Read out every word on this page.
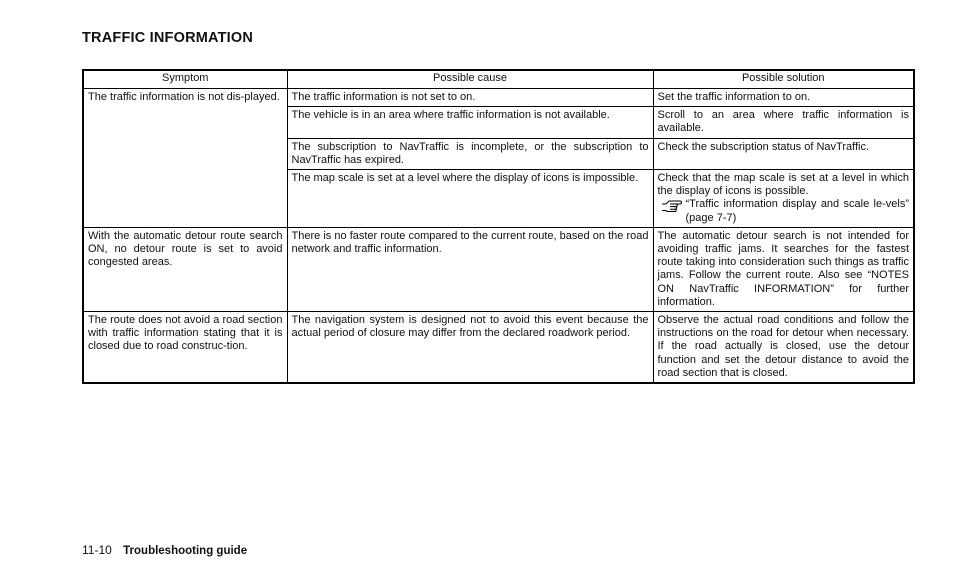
TRAFFIC INFORMATION
Symptom	Possible cause	Possible solution
The traffic information is not dis-played.	The traffic information is not set to on.	Set the traffic information to on.
	The vehicle is in an area where traffic information is not available.	Scroll to an area where traffic information is available.
	The subscription to NavTraffic is incomplete, or the subscription to NavTraffic has expired.	Check the subscription status of NavTraffic.
	The map scale is set at a level where the display of icons is impossible.	Check that the map scale is set at a level in which the display of icons is possible.
“Traffic information display and scale le-vels” (page 7-7)

With the automatic detour route search ON, no detour route is set to avoid congested areas.	There is no faster route compared to the current route, based on the road network and traffic information.	The automatic detour search is not intended for avoiding traffic jams. It searches for the fastest route taking into consideration such things as traffic jams. Follow the current route. Also see “NOTES ON NavTraffic INFORMATION” for further information.
The route does not avoid a road section with traffic information stating that it is closed due to road construc-tion.	The navigation system is designed not to avoid this event because the actual period of closure may differ from the declared roadwork period.	Observe the actual road conditions and follow the instructions on the road for detour when necessary. If the road actually is closed, use the detour function and set the detour distance to avoid the road section that is closed.
11-10 Troubleshooting guide
